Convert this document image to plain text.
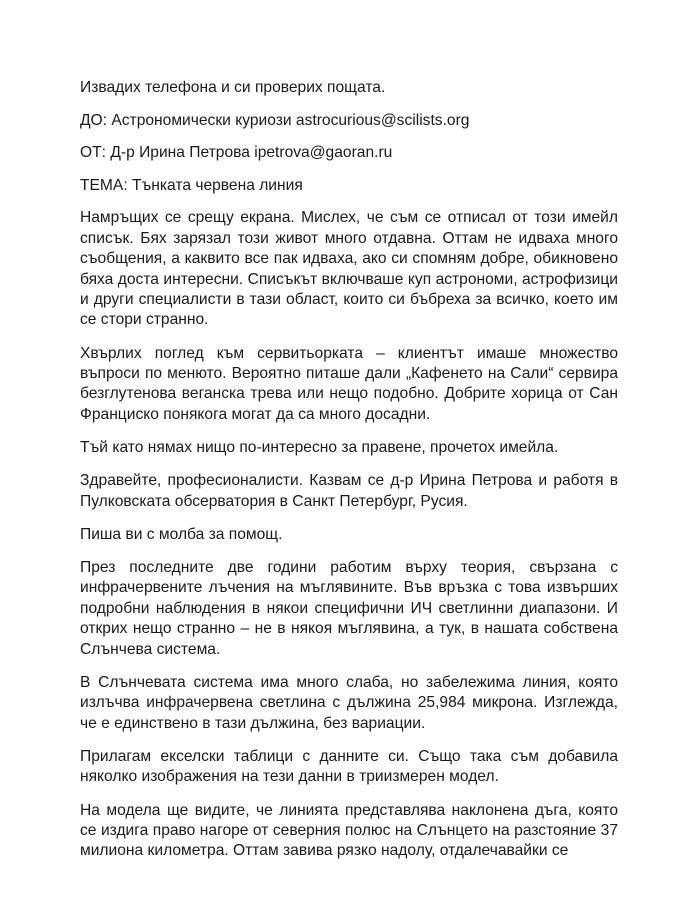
Извадих телефона и си проверих пощата.

ДО: Астрономически куриози astrocurious@scilists.org

ОТ: Д-р Ирина Петрова ipetrova@gaoran.ru

ТЕМА: Тънката червена линия

Намръщих се срещу екрана. Мислех, че съм се отписал от този имейл списък. Бях зарязал този живот много отдавна. Оттам не идваха много съобщения, а каквито все пак идваха, ако си спомням добре, обикновено бяха доста интересни. Списъкът включваше куп астрономи, астрофизици и други специалисти в тази област, които си бъбреха за всичко, което им се стори странно.

Хвърлих поглед към сервитьорката – клиентът имаше множество въпроси по менюто. Вероятно питаше дали „Кафенето на Сали“ сервира безглутенова веганска трева или нещо подобно. Добрите хорица от Сан Франциско понякога могат да са много досадни.

Тъй като нямах нищо по-интересно за правене, прочетох имейла.

Здравейте, професионалисти. Казвам се д-р Ирина Петрова и работя в Пулковската обсерватория в Санкт Петербург, Русия.

Пиша ви с молба за помощ.

През последните две години работим върху теория, свързана с инфрачервените лъчения на мъглявините. Във връзка с това извърших подробни наблюдения в някои специфични ИЧ светлинни диапазони. И открих нещо странно – не в някоя мъглявина, а тук, в нашата собствена Слънчева система.

В Слънчевата система има много слаба, но забележима линия, която излъчва инфрачервена светлина с дължина 25,984 микрона. Изглежда, че е единствено в тази дължина, без вариации.

Прилагам екселски таблици с данните си. Също така съм добавила няколко изображения на тези данни в триизмерен модел.

На модела ще видите, че линията представлява наклонена дъга, която се издига право нагоре от северния полюс на Слънцето на разстояние 37 милиона километра. Оттам завива рязко надолу, отдалечавайки се
